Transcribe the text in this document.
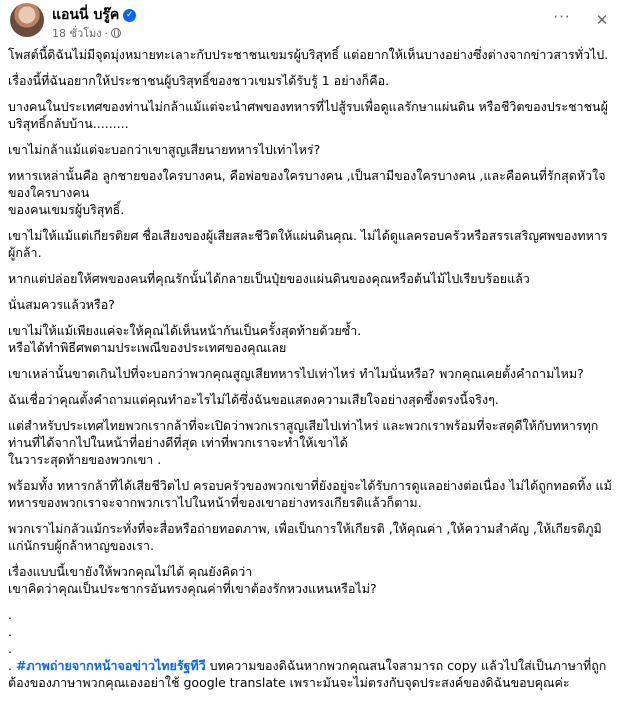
แอนนี่ บรู๊ค ✓
18 ชั่วโมง ·
··· ✕

โพสต์นี้ดิฉันไม่มีจุดมุ่งหมายทะเลาะกับประชาชนเขมรผู้บริสุทธิ์ แต่อยากให้เห็นบางอย่างซึ่งต่างจากข่าวสารทั่วไป.

เรื่องนี้ที่ฉันอยากให้ประชาชนผู้บริสุทธิ์ของชาวเขมรได้รับรู้ 1 อย่างก็คือ.

บางคนในประเทศของท่านไม่กล้าแม้แต่จะนำศพของทหารที่ไปสู้รบเพื่อดูแลรักษาแผ่นดิน หรือชีวิตของประชาชนผู้บริสุทธิ์กลับบ้าน.........

เขาไม่กล้าแม้แต่จะบอกว่าเขาสูญเสียนายทหารไปเท่าไหร่?

ทหารเหล่านั้นคือ ลูกชายของใครบางคน, คือพ่อของใครบางคน ,เป็นสามีของใครบางคน ,และคือคนที่รักสุดหัวใจของใครบางคน
ของคนเขมรผู้บริสุทธิ์.

เขาไม่ให้แม้แต่เกียรติยศ ชื่อเสียงของผู้เสียสละชีวิตให้แผ่นดินคุณ. ไม่ได้ดูแลครอบครัวหรือสรรเสริญศพของทหารผู้กล้า.

หากแต่ปล่อยให้ศพของคนที่คุณรักนั้นได้กลายเป็นปุ๋ยของแผ่นดินของคุณหรือต้นไม้ไปเรียบร้อยแล้ว

นั่นสมควรแล้วหรือ?

เขาไม่ให้แม้เพียงแค่จะให้คุณได้เห็นหน้ากันเป็นครั้งสุดท้ายด้วยซ้ำ.
หรือได้ทำพิธีศพตามประเพณีของประเทศของคุณเลย

เขาเหล่านั้นขาดเกินไปที่จะบอกว่าพวกคุณสูญเสียทหารไปเท่าไหร่ ทำไมนั่นหรือ? พวกคุณเคยตั้งคำถามไหม?

ฉันเชื่อว่าคุณตั้งคำถามแต่คุณทำอะไรไม่ได้ซึ่งฉันขอแสดงความเสียใจอย่างสุดซึ้งตรงนี้จริงๆ.

แต่สำหรับประเทศไทยพวกเรากล้าที่จะเปิดว่าพวกเราสูญเสียไปเท่าไหร่ และพวกเราพร้อมที่จะสดุดีให้กับทหารทุกท่านที่ได้จากไปในหน้าที่อย่างดีที่สุด เท่าที่พวกเราจะทำให้เขาได้
ในวาระสุดท้ายของพวกเขา .

พร้อมทั้ง ทหารกล้าที่ได้เสียชีวิตไป ครอบครัวของพวกเขาที่ยังอยู่จะได้รับการดูแลอย่างต่อเนื่อง ไม่ได้ถูกทอดทิ้ง แม้ทหารของพวกเราจะจากพวกเราไปในหน้าที่ของเขาอย่างทรงเกียรติแล้วก็ตาม.

พวกเราไม่กลัวแม้กระทั่งที่จะสื่อหรือถ่ายทอดภาพ, เพื่อเป็นการให้เกียรติ ,ให้คุณค่า ,ให้ความสำคัญ ,ให้เกียรติภูมิแก่นักรบผู้กล้าหาญของเรา.

เรื่องแบบนี้เขายังให้พวกคุณไม่ได้ คุณยังคิดว่า
เขาคิดว่าคุณเป็นประชากรอันทรงคุณค่าที่เขาต้องรักหวงแหนหรือไม่?

.

.

.

. #ภาพถ่ายจากหน้าจอข่าวไทยรัฐทีวี บทความของดิฉันหากพวกคุณสนใจสามารถ copy แล้วไปใส่เป็นภาษาที่ถูกต้องของภาษาพวกคุณเองอย่าใช้ google translate เพราะมันจะไม่ตรงกับจุดประสงค์ของดิฉันขอบคุณค่ะ
